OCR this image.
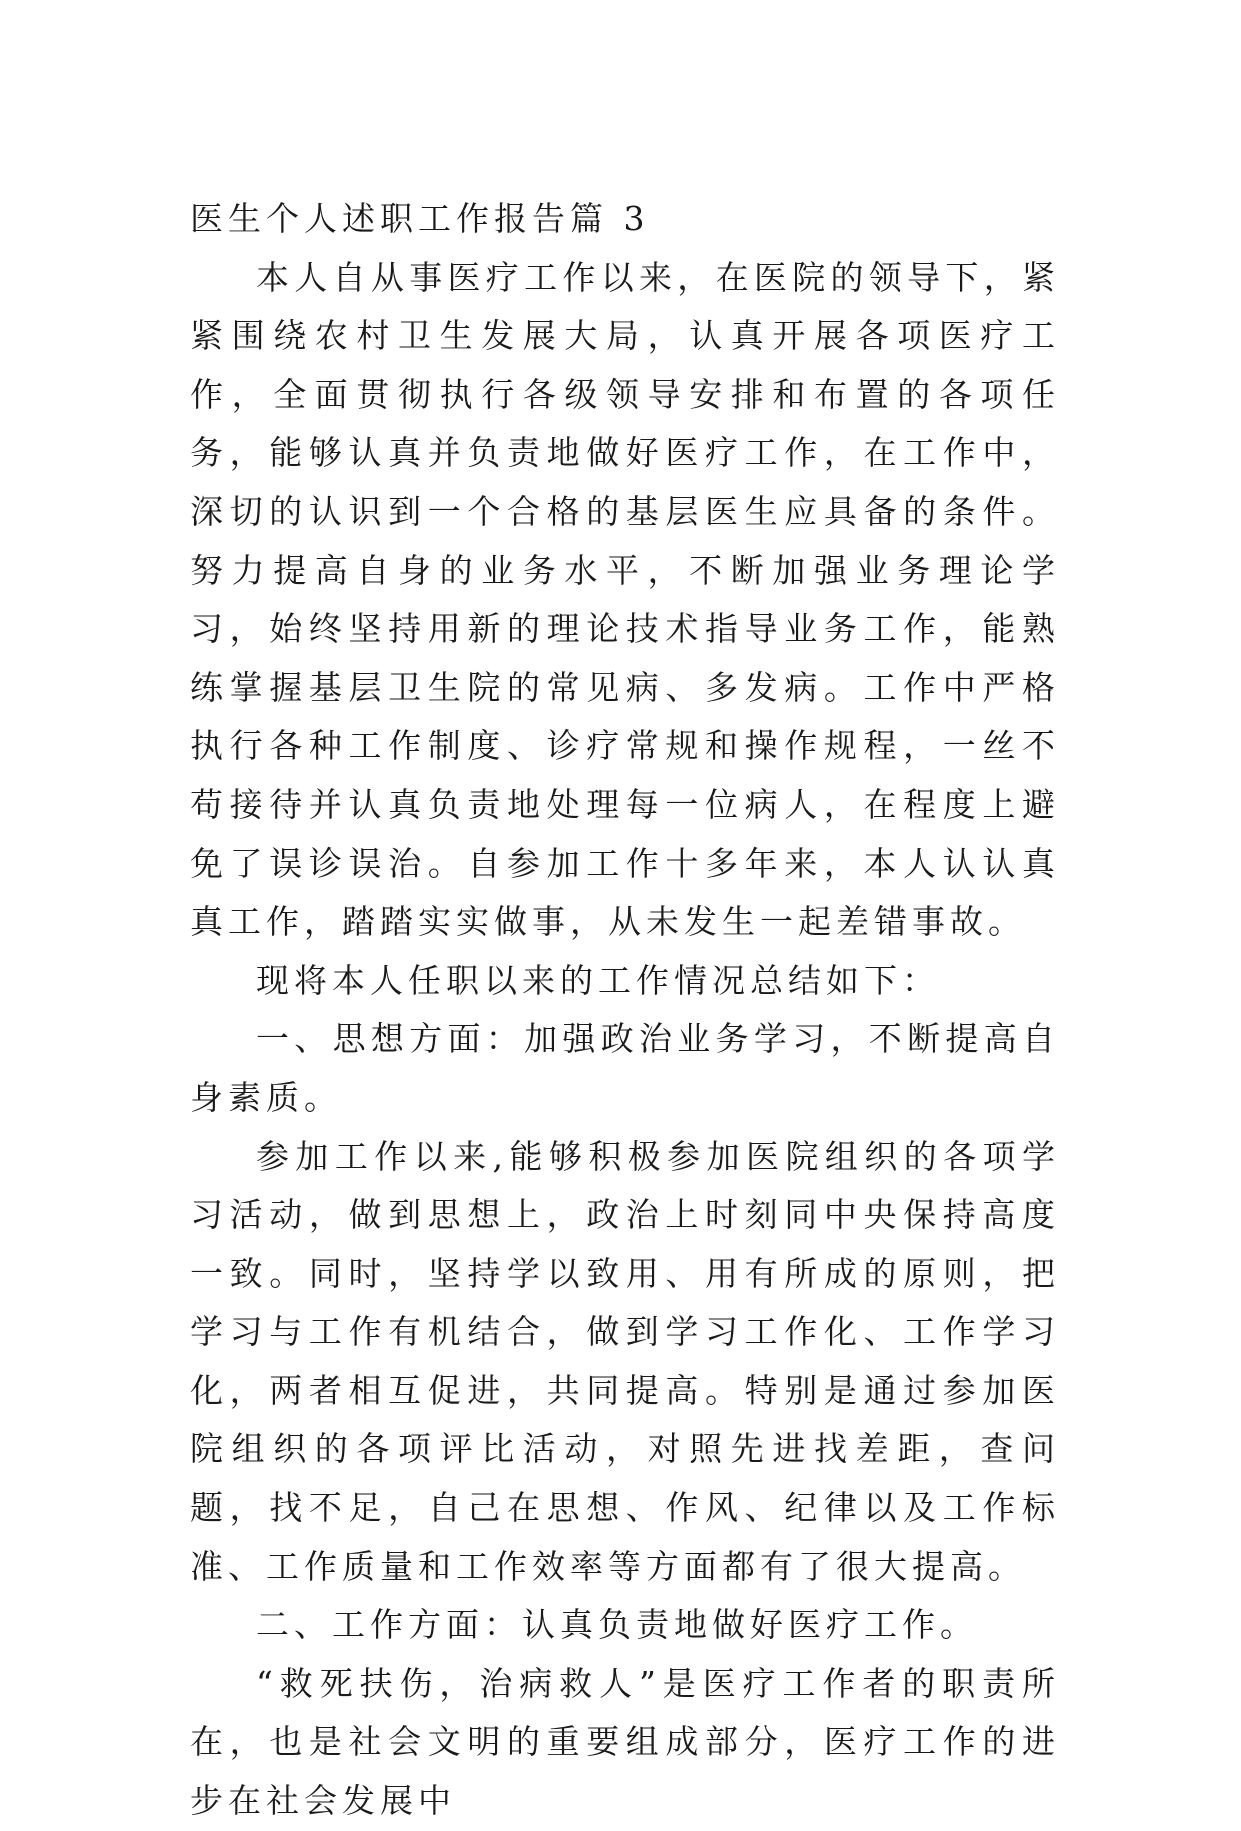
医生个人述职工作报告篇 3

本人自从事医疗工作以来，在医院的领导下，紧紧围绕农村卫生发展大局，认真开展各项医疗工作，全面贯彻执行各级领导安排和布置的各项任务，能够认真并负责地做好医疗工作，在工作中，深切的认识到一个合格的基层医生应具备的条件。努力提高自身的业务水平，不断加强业务理论学习，始终坚持用新的理论技术指导业务工作，能熟练掌握基层卫生院的常见病、多发病。工作中严格执行各种工作制度、诊疗常规和操作规程，一丝不苟接待并认真负责地处理每一位病人，在程度上避免了误诊误治。自参加工作十多年来，本人认认真真工作，踏踏实实做事，从未发生一起差错事故。

现将本人任职以来的工作情况总结如下：

一、思想方面：加强政治业务学习，不断提高自身素质。

参加工作以来,能够积极参加医院组织的各项学习活动，做到思想上，政治上时刻同中央保持高度一致。同时，坚持学以致用、用有所成的原则，把学习与工作有机结合，做到学习工作化、工作学习化，两者相互促进，共同提高。特别是通过参加医院组织的各项评比活动，对照先进找差距，查问题，找不足，自己在思想、作风、纪律以及工作标准、工作质量和工作效率等方面都有了很大提高。

二、工作方面：认真负责地做好医疗工作。

“救死扶伤，治病救人”是医疗工作者的职责所在，也是社会文明的重要组成部分，医疗工作的进步在社会发展中
